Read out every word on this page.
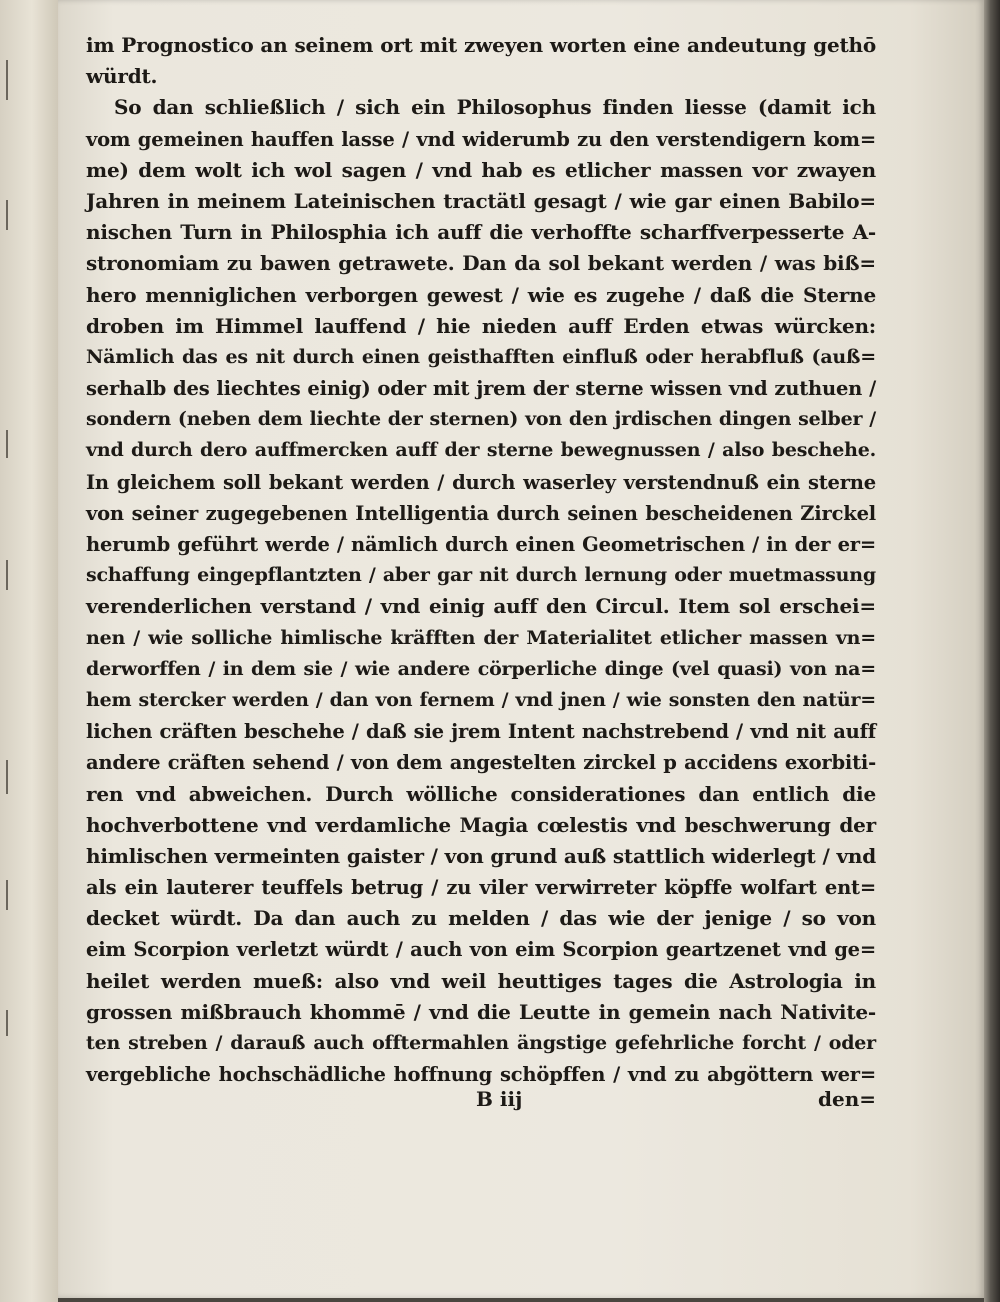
im Prognostico an seinem ort mit zweyen worten eine andeutung gethō
würdt.
So dan schließlich / sich ein Philosophus finden liesse (damit ich
vom gemeinen hauffen lasse / vnd widerumb zu den verstendigern kom=
me) dem wolt ich wol sagen / vnd hab es etlicher massen vor zwayen
Jahren in meinem Lateinischen tractätl gesagt / wie gar einen Babilo=
nischen Turn in Philosphia ich auff die verhoffte scharffverpesserte A-
stronomiam zu bawen getrawete. Dan da sol bekant werden / was biß=
hero menniglichen verborgen gewest / wie es zugehe / daß die Sterne
droben im Himmel lauffend / hie nieden auff Erden etwas würcken:
Nämlich das es nit durch einen geisthafften einfluß oder herabfluß (auß=
serhalb des liechtes einig) oder mit jrem der sterne wissen vnd zuthuen /
sondern (neben dem liechte der sternen) von den jrdischen dingen selber /
vnd durch dero auffmercken auff der sterne bewegnussen / also beschehe.
In gleichem soll bekant werden / durch waserley verstendnuß ein sterne
von seiner zugegebenen Intelligentia durch seinen bescheidenen Zirckel
herumb geführt werde / nämlich durch einen Geometrischen / in der er=
schaffung eingepflantzten / aber gar nit durch lernung oder muetmassung
verenderlichen verstand / vnd einig auff den Circul. Item sol erschei=
nen / wie solliche himlische kräfften der Materialitet etlicher massen vn=
derworffen / in dem sie / wie andere cörperliche dinge (vel quasi) von na=
hem stercker werden / dan von fernem / vnd jnen / wie sonsten den natür=
lichen cräften beschehe / daß sie jrem Intent nachstrebend / vnd nit auff
andere cräften sehend / von dem angestelten zirckel p accidens exorbiti-
ren vnd abweichen. Durch wölliche considerationes dan entlich die
hochverbottene vnd verdamliche Magia cœlestis vnd beschwerung der
himlischen vermeinten gaister / von grund auß stattlich widerlegt / vnd
als ein lauterer teuffels betrug / zu viler verwirreter köpffe wolfart ent=
decket würdt. Da dan auch zu melden / das wie der jenige / so von
eim Scorpion verletzt würdt / auch von eim Scorpion geartzenet vnd ge=
heilet werden mueß: also vnd weil heuttiges tages die Astrologia in
grossen mißbrauch khommē / vnd die Leutte in gemein nach Nativite-
ten streben / darauß auch offtermahlen ängstige gefehrliche forcht / oder
vergebliche hochschädliche hoffnung schöpffen / vnd zu abgöttern wer=
B iij	den=
